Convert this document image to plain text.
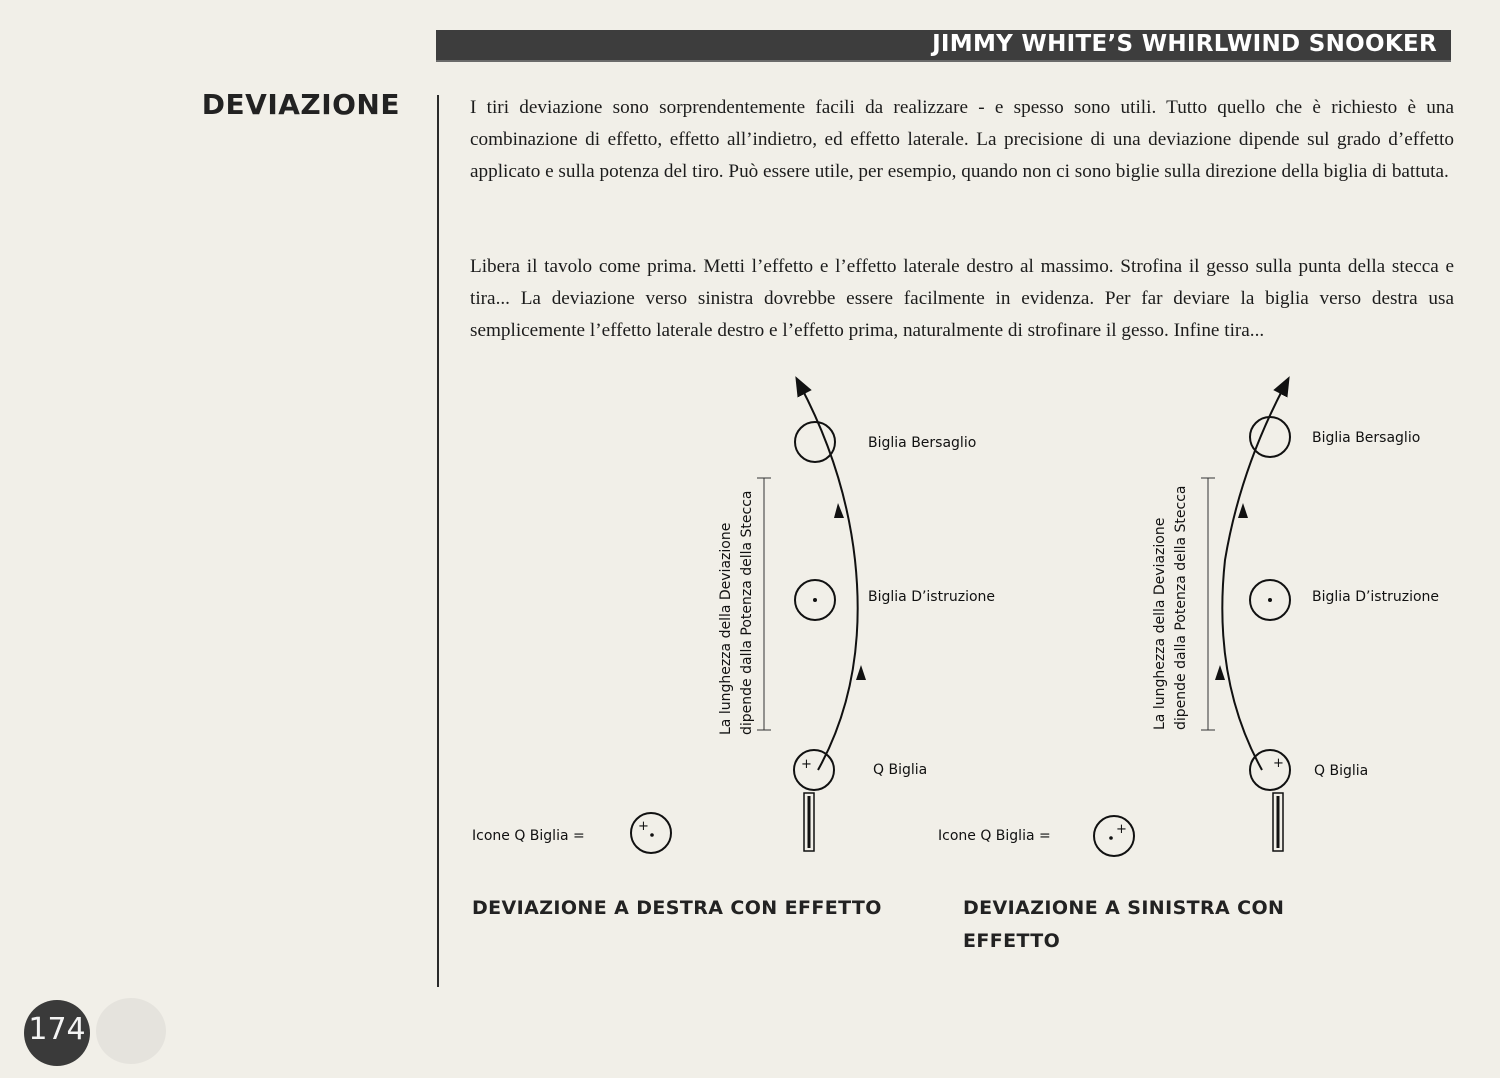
JIMMY WHITE’S WHIRLWIND SNOOKER
DEVIAZIONE	I tiri deviazione sono sorprendentemente facili da realizzare - e spesso sono utili. Tutto quello che è richiesto è una combinazione di effetto, effetto all’indietro, ed effetto laterale. La precisione di una deviazione dipende sul grado d’effetto applicato e sulla potenza del tiro. Può essere utile, per esempio, quando non ci sono biglie sulla direzione della biglia di battuta.
Libera il tavolo come prima. Metti l’effetto e l’effetto laterale destro al massimo. Strofina il gesso sulla punta della stecca e tira... La deviazione verso sinistra dovrebbe essere facilmente in evidenza. Per far deviare la biglia verso destra usa semplicemente l’effetto laterale destro e l’effetto prima, naturalmente di strofinare il gesso. Infine tira...
+
+
Biglia Bersaglio
Biglia D’istruzione
Q Biglia
Icone Q Biglia =
La lunghezza della Deviazione dipende dalla Potenza della Stecca
+
+
Biglia Bersaglio
Biglia D’istruzione
Q Biglia
Icone Q Biglia =
La lunghezza della Deviazione dipende dalla Potenza della Stecca
DEVIAZIONE A DESTRA CON EFFETTO	DEVIAZIONE A SINISTRA CON EFFETTO
174
